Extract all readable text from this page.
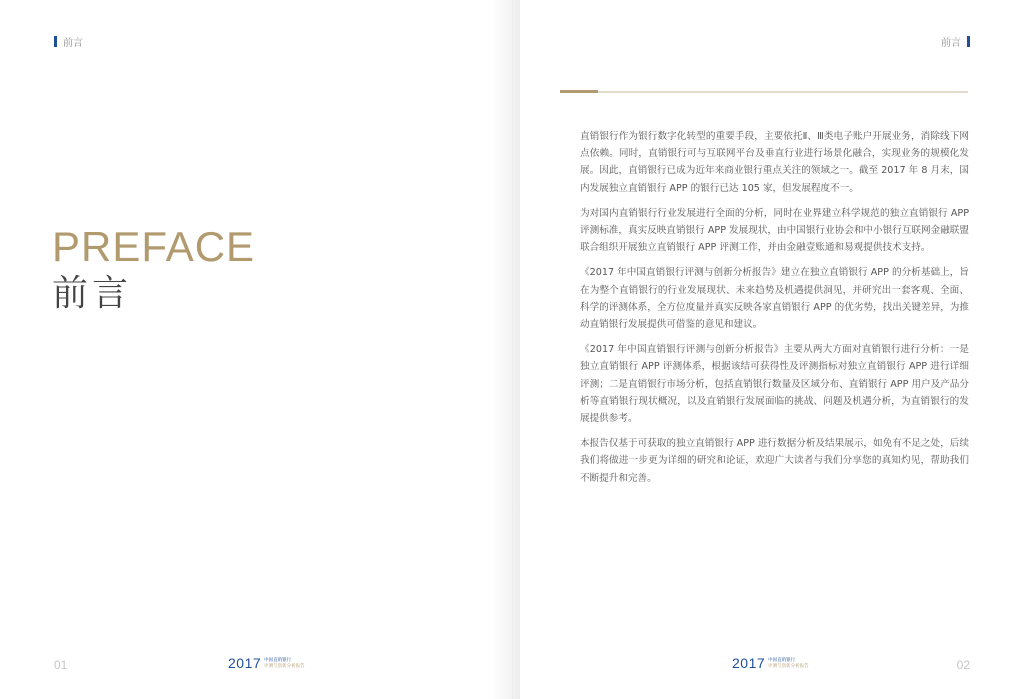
前言
PREFACE
前言
01	2017 中国直销银行
评测与创新分析报告
前言
02

直销银行作为银行数字化转型的重要手段，主要依托Ⅱ、Ⅲ类电子账户开展业务，消除线下网点依赖。同时，直销银行可与互联网平台及垂直行业进行场景化融合，实现业务的规模化发展。因此，直销银行已成为近年来商业银行重点关注的领域之一。截至 2017 年 8 月末，国内发展独立直销银行 APP 的银行已达 105 家，但发展程度不一。

为对国内直销银行行业发展进行全面的分析，同时在业界建立科学规范的独立直销银行 APP 评测标准，真实反映直销银行 APP 发展现状，由中国银行业协会和中小银行互联网金融联盟联合组织开展独立直销银行 APP 评测工作，并由金融壹账通和易观提供技术支持。

《2017 年中国直销银行评测与创新分析报告》建立在独立直销银行 APP 的分析基础上，旨在为整个直销银行的行业发展现状、未来趋势及机遇提供洞见，并研究出一套客观、全面、科学的评测体系，全方位度量并真实反映各家直销银行 APP 的优劣势，找出关键差异，为推动直销银行发展提供可借鉴的意见和建议。

《2017 年中国直销银行评测与创新分析报告》主要从两大方面对直销银行进行分析：一是独立直销银行 APP 评测体系，根据该结可获得性及评测指标对独立直销银行 APP 进行详细评测；二是直销银行市场分析，包括直销银行数量及区域分布、直销银行 APP 用户及产品分析等直销银行现状概况，以及直销银行发展面临的挑战、问题及机遇分析，为直销银行的发展提供参考。

本报告仅基于可获取的独立直销银行 APP 进行数据分析及结果展示，如免有不足之处，后续我们将做进一步更为详细的研究和论证，欢迎广大读者与我们分享您的真知灼见，帮助我们不断提升和完善。

2017 中国直销银行
评测与创新分析报告
